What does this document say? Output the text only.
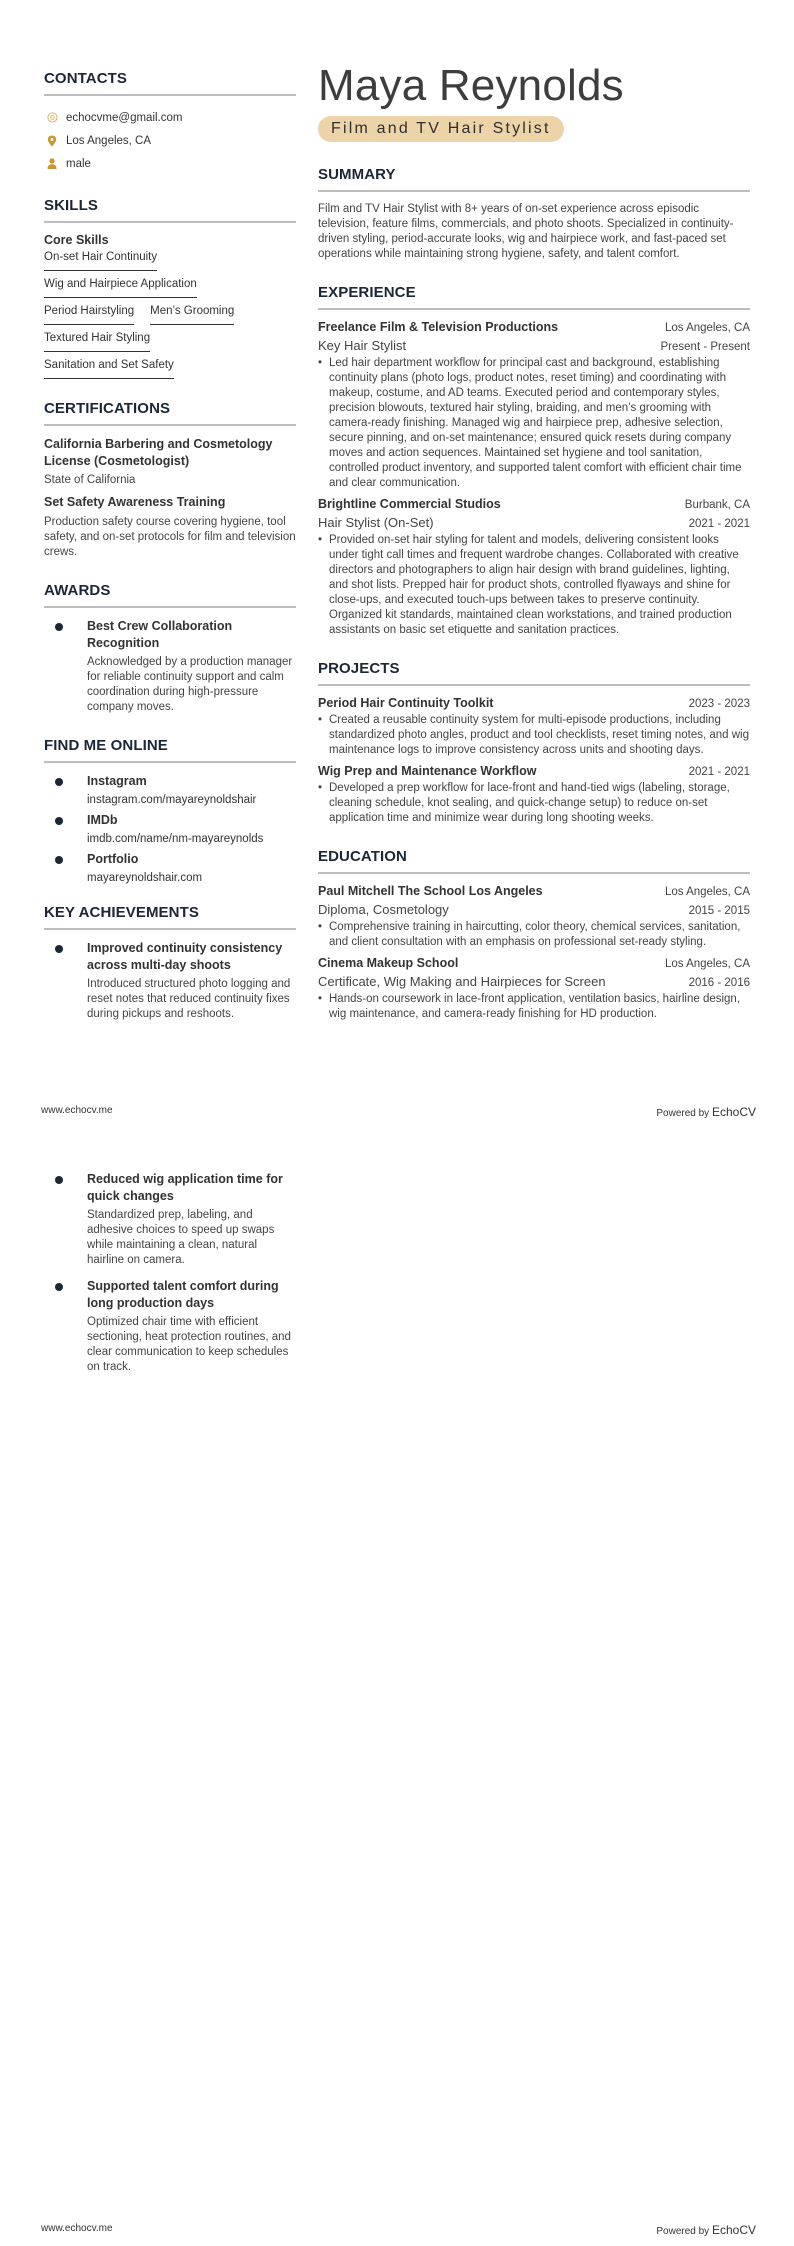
CONTACTS
echocvme@gmail.com
Los Angeles, CA
male
SKILLS
Core Skills
On-set Hair Continuity
Wig and Hairpiece Application
Period Hairstyling Men’s Grooming
Textured Hair Styling
Sanitation and Set Safety
CERTIFICATIONS
California Barbering and Cosmetology License (Cosmetologist)
State of California
Set Safety Awareness Training
Production safety course covering hygiene, tool safety, and on-set protocols for film and television crews.
AWARDS
Best Crew Collaboration Recognition
Acknowledged by a production manager for reliable continuity support and calm coordination during high-pressure company moves.
FIND ME ONLINE
Instagram
instagram.com/mayareynoldshair
IMDb
imdb.com/name/nm-mayareynolds
Portfolio
mayareynoldshair.com
KEY ACHIEVEMENTS
Improved continuity consistency across multi-day shoots
Introduced structured photo logging and reset notes that reduced continuity fixes during pickups and reshoots.
Maya Reynolds
Film and TV Hair Stylist
SUMMARY
Film and TV Hair Stylist with 8+ years of on-set experience across episodic television, feature films, commercials, and photo shoots. Specialized in continuity-driven styling, period-accurate looks, wig and hairpiece work, and fast-paced set operations while maintaining strong hygiene, safety, and talent comfort.
EXPERIENCE
Freelance Film & Television Productions	Los Angeles, CA
Key Hair Stylist	Present - Present
• Led hair department workflow for principal cast and background, establishing continuity plans (photo logs, product notes, reset timing) and coordinating with makeup, costume, and AD teams. Executed period and contemporary styles, precision blowouts, textured hair styling, braiding, and men’s grooming with camera-ready finishing. Managed wig and hairpiece prep, adhesive selection, secure pinning, and on-set maintenance; ensured quick resets during company moves and action sequences. Maintained set hygiene and tool sanitation, controlled product inventory, and supported talent comfort with efficient chair time and clear communication.
Brightline Commercial Studios	Burbank, CA
Hair Stylist (On-Set)	2021 - 2021
• Provided on-set hair styling for talent and models, delivering consistent looks under tight call times and frequent wardrobe changes. Collaborated with creative directors and photographers to align hair design with brand guidelines, lighting, and shot lists. Prepped hair for product shots, controlled flyaways and shine for close-ups, and executed touch-ups between takes to preserve continuity. Organized kit standards, maintained clean workstations, and trained production assistants on basic set etiquette and sanitation practices.
PROJECTS
Period Hair Continuity Toolkit	2023 - 2023
• Created a reusable continuity system for multi-episode productions, including standardized photo angles, product and tool checklists, reset timing notes, and wig maintenance logs to improve consistency across units and shooting days.
Wig Prep and Maintenance Workflow	2021 - 2021
• Developed a prep workflow for lace-front and hand-tied wigs (labeling, storage, cleaning schedule, knot sealing, and quick-change setup) to reduce on-set application time and minimize wear during long shooting weeks.
EDUCATION
Paul Mitchell The School Los Angeles	Los Angeles, CA
Diploma, Cosmetology	2015 - 2015
• Comprehensive training in haircutting, color theory, chemical services, sanitation, and client consultation with an emphasis on professional set-ready styling.
Cinema Makeup School	Los Angeles, CA
Certificate, Wig Making and Hairpieces for Screen	2016 - 2016
• Hands-on coursework in lace-front application, ventilation basics, hairline design, wig maintenance, and camera-ready finishing for HD production.
www.echocv.me	Powered by EchoCV
Reduced wig application time for quick changes
Standardized prep, labeling, and adhesive choices to speed up swaps while maintaining a clean, natural hairline on camera.
Supported talent comfort during long production days
Optimized chair time with efficient sectioning, heat protection routines, and clear communication to keep schedules on track.
www.echocv.me	Powered by EchoCV
